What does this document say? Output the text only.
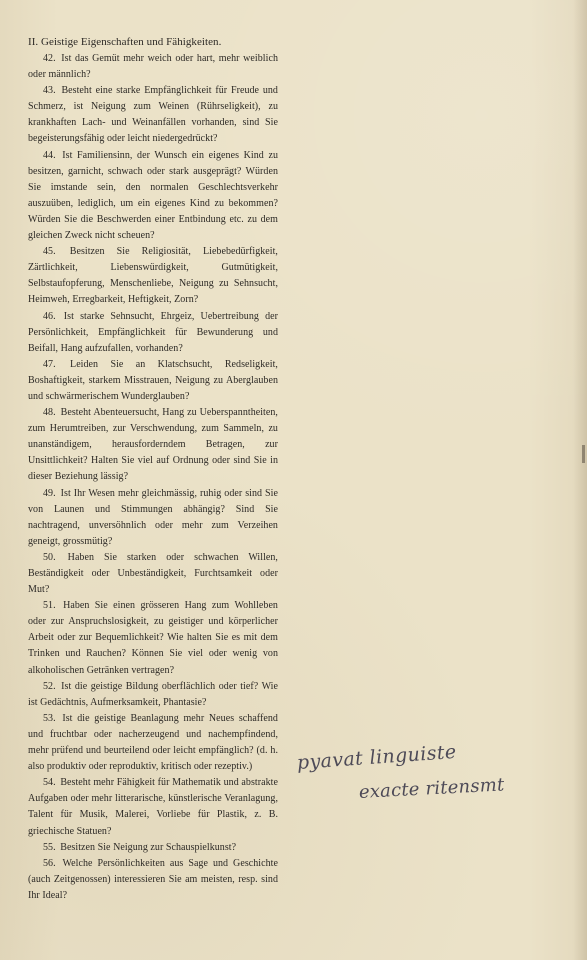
II. Geistige Eigenschaften und Fähigkeiten.

42. Ist das Gemüt mehr weich oder hart, mehr weiblich oder männlich?

43. Besteht eine starke Empfänglichkeit für Freude und Schmerz, ist Neigung zum Weinen (Rührseligkeit), zu krankhaften Lach- und Weinanfällen vorhanden, sind Sie begeisterungsfähig oder leicht niedergedrückt?

44. Ist Familiensinn, der Wunsch ein eigenes Kind zu besitzen, garnicht, schwach oder stark ausgeprägt? Würden Sie imstande sein, den normalen Geschlechtsverkehr auszuüben, lediglich, um ein eigenes Kind zu bekommen? Würden Sie die Beschwerden einer Entbindung etc. zu dem gleichen Zweck nicht scheuen?

45. Besitzen Sie Religiosität, Liebebedürfigkeit, Zärtlichkeit, Liebenswürdigkeit, Gutmütigkeit, Selbstaufopferung, Menschenliebe, Neigung zu Sehnsucht, Heimweh, Erregbarkeit, Heftigkeit, Zorn?

46. Ist starke Sehnsucht, Ehrgeiz, Uebertreibung der Persönlichkeit, Empfänglichkeit für Bewunderung und Beifall, Hang aufzufallen, vorhanden?

47. Leiden Sie an Klatschsucht, Redseligkeit, Boshaftigkeit, starkem Misstrauen, Neigung zu Aberglauben und schwärmerischem Wunderglauben?

48. Besteht Abenteuersucht, Hang zu Ueberspanntheiten, zum Herumtreiben, zur Verschwendung, zum Sammeln, zu unanständigem, herausforderndem Betragen, zur Unsittlichkeit? Halten Sie viel auf Ordnung oder sind Sie in dieser Beziehung lässig?

49. Ist Ihr Wesen mehr gleichmässig, ruhig oder sind Sie von Launen und Stimmungen abhängig? Sind Sie nachtragend, unversöhnlich oder mehr zum Verzeihen geneigt, grossmütig?

50. Haben Sie starken oder schwachen Willen, Beständigkeit oder Unbeständigkeit, Furchtsamkeit oder Mut?

51. Haben Sie einen grösseren Hang zum Wohlleben oder zur Anspruchslosigkeit, zu geistiger und körperlicher Arbeit oder zur Bequemlichkeit? Wie halten Sie es mit dem Trinken und Rauchen? Können Sie viel oder wenig von alkoholischen Getränken vertragen?

52. Ist die geistige Bildung oberflächlich oder tief? Wie ist Gedächtnis, Aufmerksamkeit, Phantasie?

53. Ist die geistige Beanlagung mehr Neues schaffend und fruchtbar oder nacherzeugend und nachempfindend, mehr prüfend und beurteilend oder leicht empfänglich? (d. h. also produktiv oder reproduktiv, kritisch oder rezeptiv.)

54. Besteht mehr Fähigkeit für Mathematik und abstrakte Aufgaben oder mehr litterarische, künstlerische Veranlagung, Talent für Musik, Malerei, Vorliebe für Plastik, z. B. griechische Statuen?

55. Besitzen Sie Neigung zur Schauspielkunst?

56. Welche Persönlichkeiten aus Sage und Geschichte (auch Zeitgenossen) interessieren Sie am meisten, resp. sind Ihr Ideal?

pyavat linguiste
exacte ritensmt
